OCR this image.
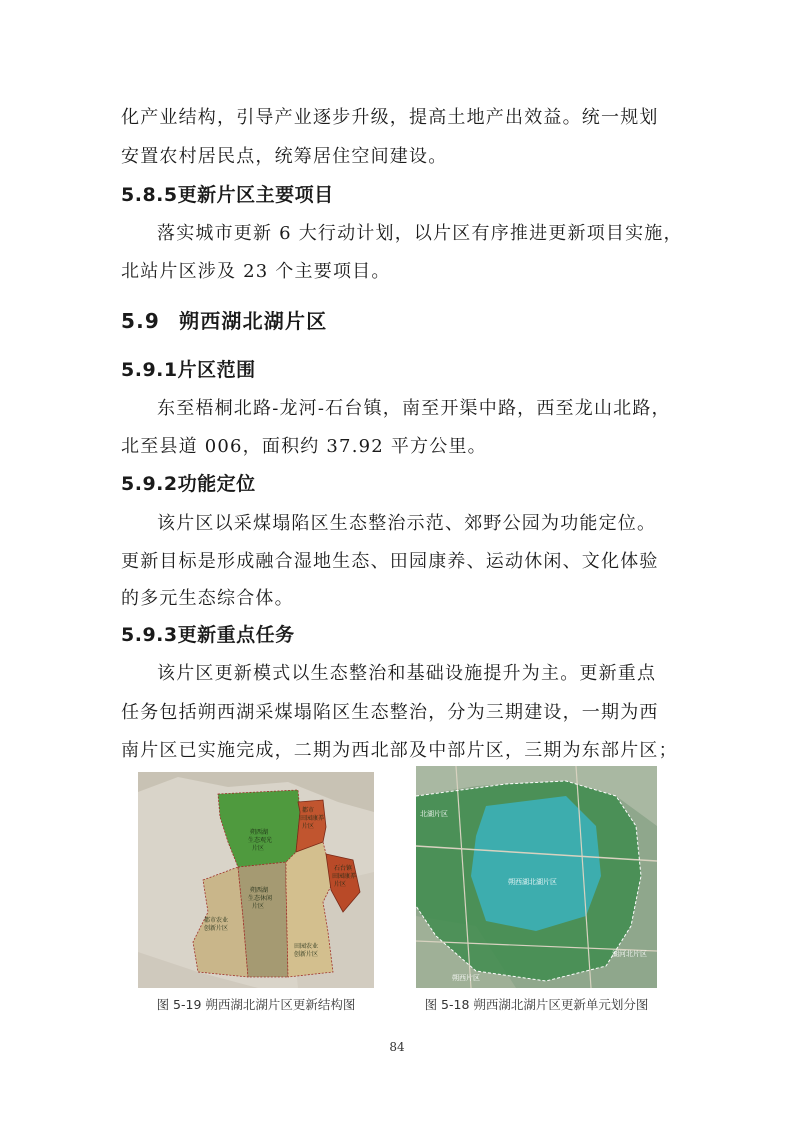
化产业结构，引导产业逐步升级，提高土地产出效益。统一规划
安置农村居民点，统筹居住空间建设。
5.8.5更新片区主要项目
落实城市更新 6 大行动计划，以片区有序推进更新项目实施，
北站片区涉及 23 个主要项目。
5.9 朔西湖北湖片区
5.9.1片区范围
东至梧桐北路-龙河-石台镇，南至开渠中路，西至龙山北路，
北至县道 006，面积约 37.92 平方公里。
5.9.2功能定位
该片区以采煤塌陷区生态整治示范、郊野公园为功能定位。
更新目标是形成融合湿地生态、田园康养、运动休闲、文化体验
的多元生态综合体。
5.9.3更新重点任务
该片区更新模式以生态整治和基础设施提升为主。更新重点
任务包括朔西湖采煤塌陷区生态整治，分为三期建设，一期为西
南片区已实施完成，二期为西北部及中部片区，三期为东部片区；
朔西湖
生态观光
片区
都市
田园康养
片区
石台镇
田园康养
片区
朔西湖
生态休闲
片区
都市农业
创新片区
田园农业
创新片区
图 5-19 朔西湖北湖片区更新结构图
北湖片区
朔西湖北湖片区
朔西片区
湖河北片区
图 5-18 朔西湖北湖片区更新单元划分图
84
